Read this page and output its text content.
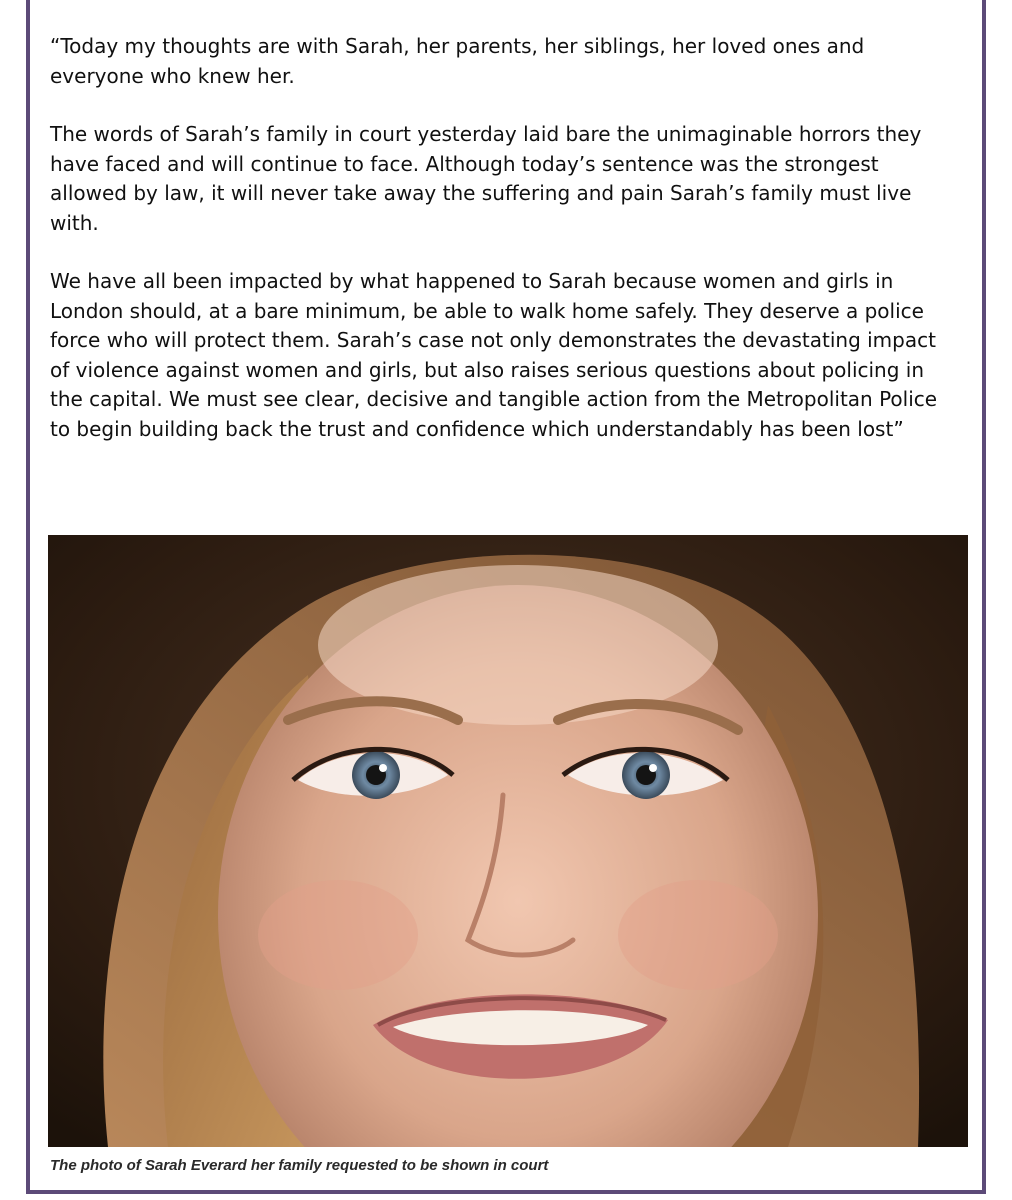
“Today my thoughts are with Sarah, her parents, her siblings, her loved ones and everyone who knew her.

The words of Sarah’s family in court yesterday laid bare the unimaginable horrors they have faced and will continue to face. Although today’s sentence was the strongest allowed by law, it will never take away the suffering and pain Sarah’s family must live with.

We have all been impacted by what happened to Sarah because women and girls in London should, at a bare minimum, be able to walk home safely. They deserve a police force who will protect them. Sarah’s case not only demonstrates the devastating impact of violence against women and girls, but also raises serious questions about policing in the capital. We must see clear, decisive and tangible action from the Metropolitan Police to begin building back the trust and confidence which understandably has been lost”

The photo of Sarah Everard her family requested to be shown in court
